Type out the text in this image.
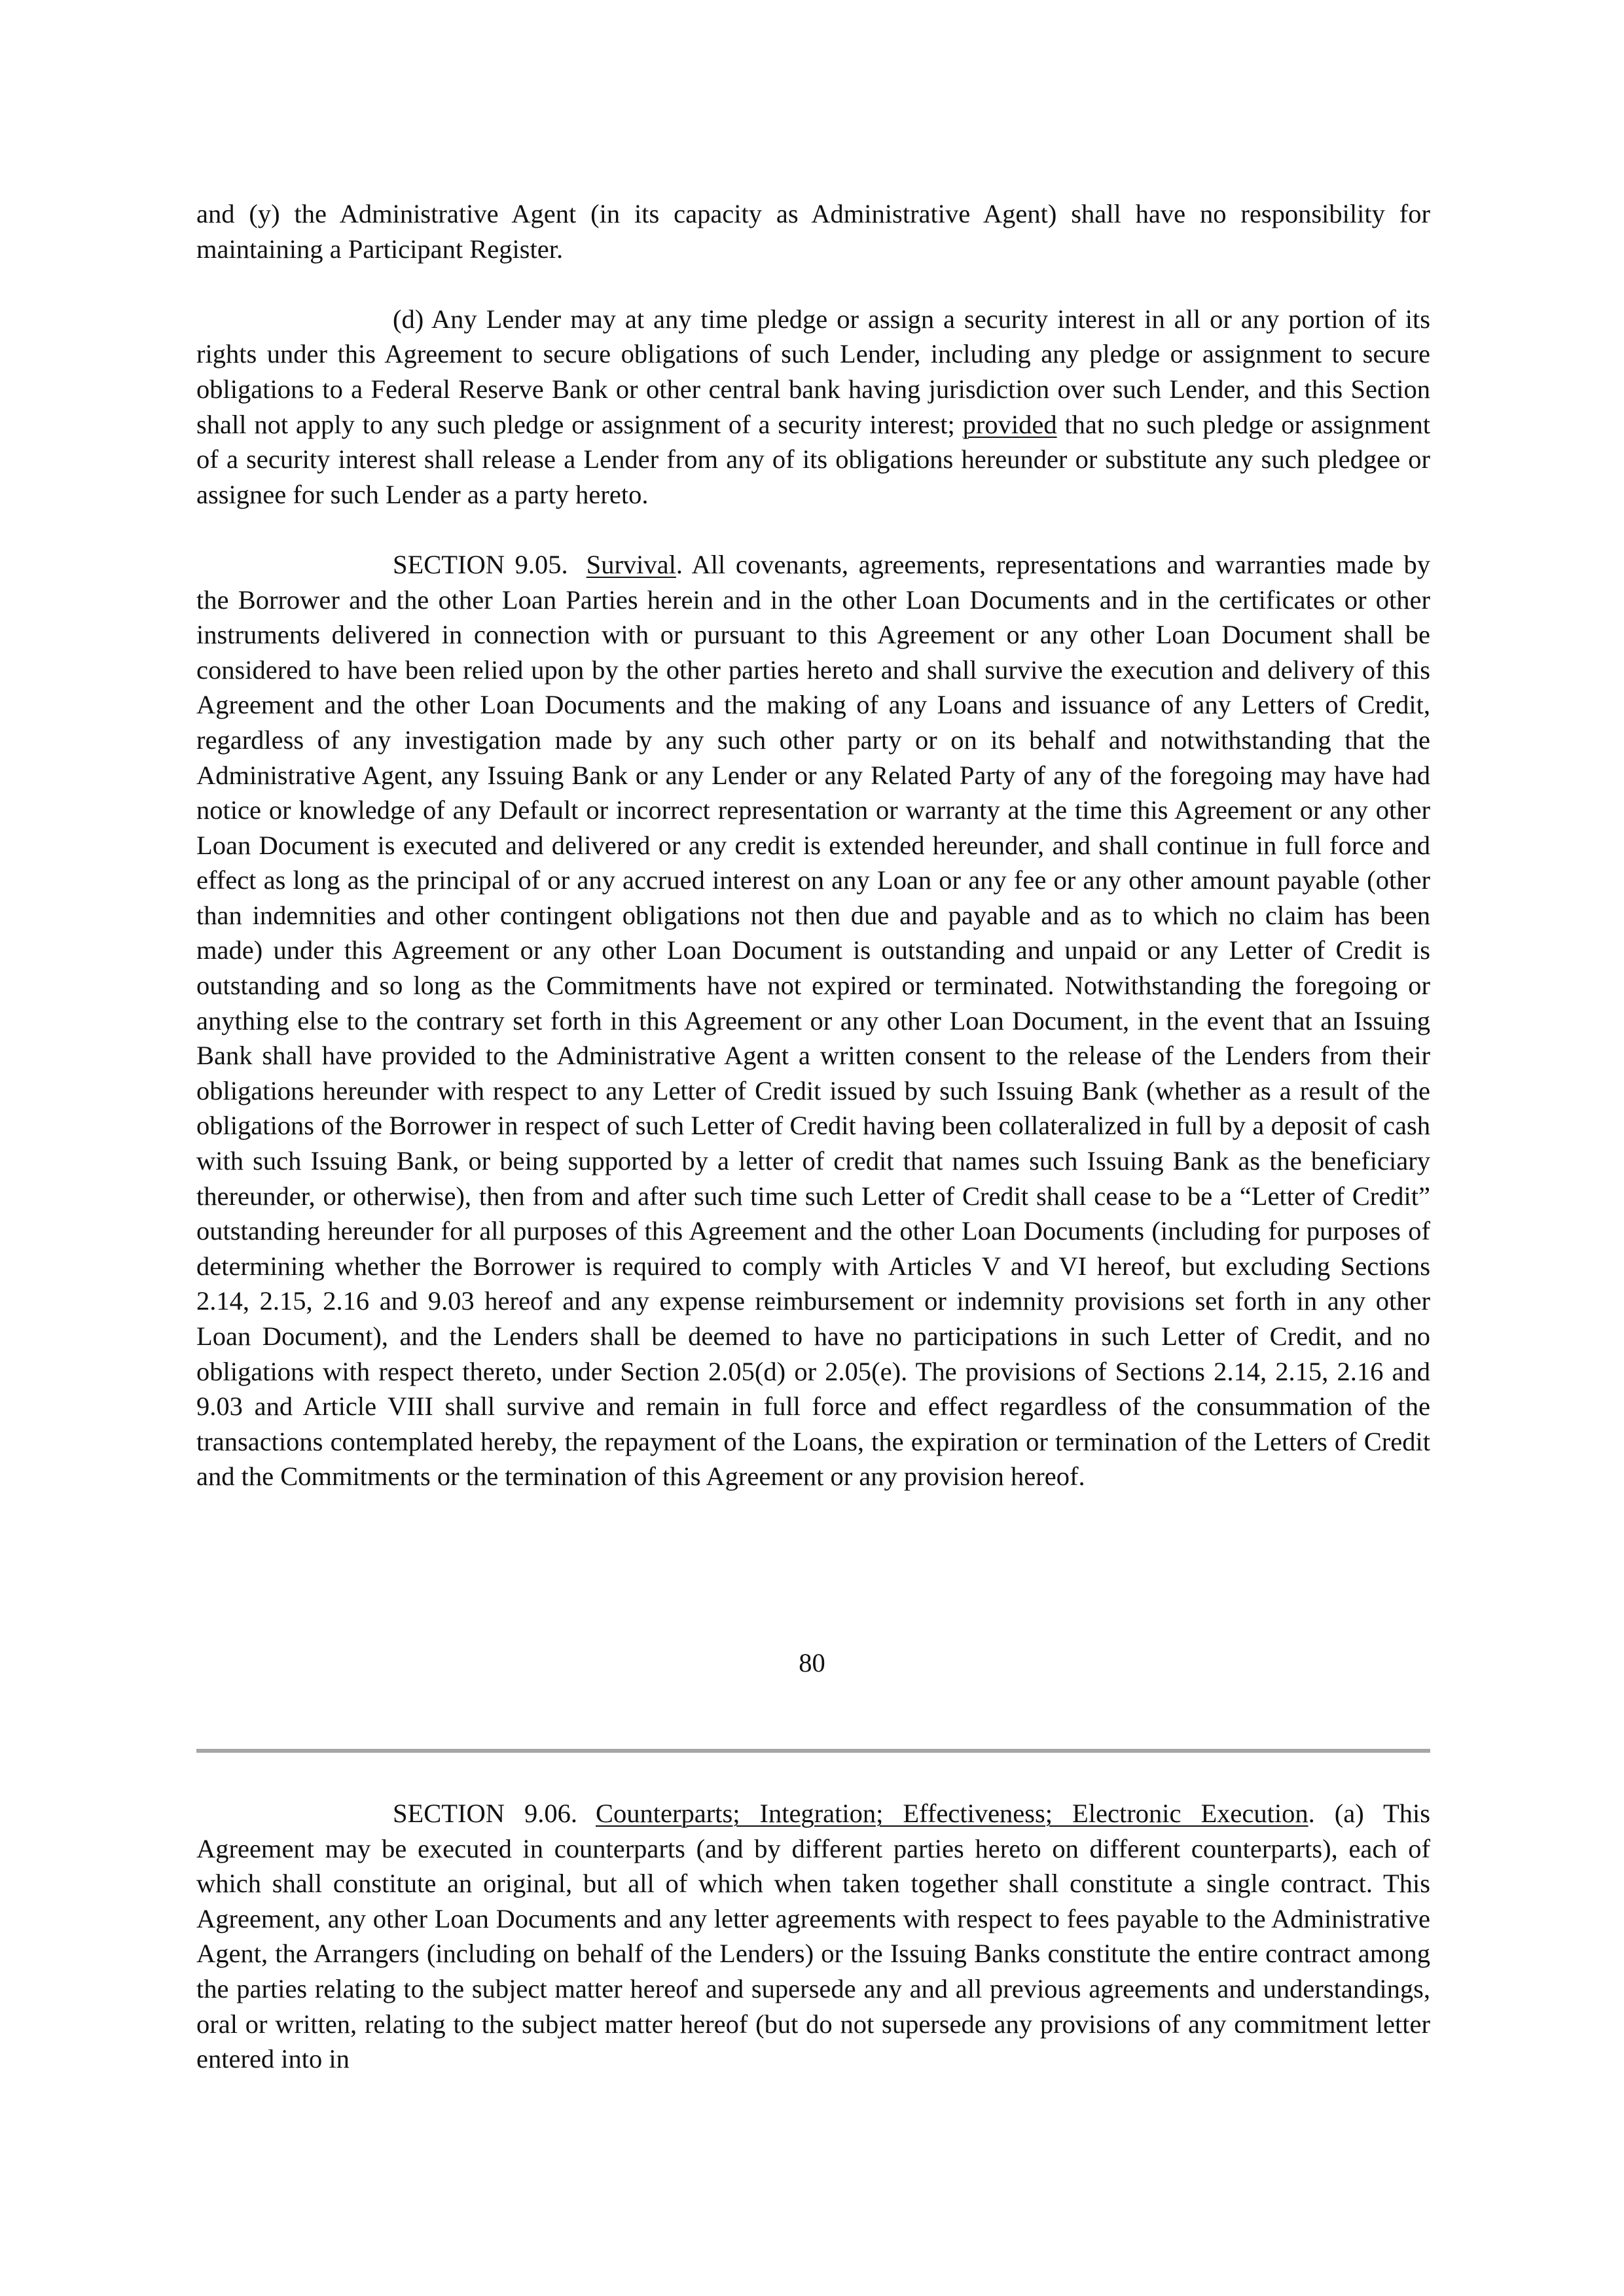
and (y) the Administrative Agent (in its capacity as Administrative Agent) shall have no responsibility for maintaining a Participant Register.

(d) Any Lender may at any time pledge or assign a security interest in all or any portion of its rights under this Agreement to secure obligations of such Lender, including any pledge or assignment to secure obligations to a Federal Reserve Bank or other central bank having jurisdiction over such Lender, and this Section shall not apply to any such pledge or assignment of a security interest; provided that no such pledge or assignment of a security interest shall release a Lender from any of its obligations hereunder or substitute any such pledgee or assignee for such Lender as a party hereto.

SECTION 9.05. Survival. All covenants, agreements, representations and warranties made by the Borrower and the other Loan Parties herein and in the other Loan Documents and in the certificates or other instruments delivered in connection with or pursuant to this Agreement or any other Loan Document shall be considered to have been relied upon by the other parties hereto and shall survive the execution and delivery of this Agreement and the other Loan Documents and the making of any Loans and issuance of any Letters of Credit, regardless of any investigation made by any such other party or on its behalf and notwithstanding that the Administrative Agent, any Issuing Bank or any Lender or any Related Party of any of the foregoing may have had notice or knowledge of any Default or incorrect representation or warranty at the time this Agreement or any other Loan Document is executed and delivered or any credit is extended hereunder, and shall continue in full force and effect as long as the principal of or any accrued interest on any Loan or any fee or any other amount payable (other than indemnities and other contingent obligations not then due and payable and as to which no claim has been made) under this Agreement or any other Loan Document is outstanding and unpaid or any Letter of Credit is outstanding and so long as the Commitments have not expired or terminated. Notwithstanding the foregoing or anything else to the contrary set forth in this Agreement or any other Loan Document, in the event that an Issuing Bank shall have provided to the Administrative Agent a written consent to the release of the Lenders from their obligations hereunder with respect to any Letter of Credit issued by such Issuing Bank (whether as a result of the obligations of the Borrower in respect of such Letter of Credit having been collateralized in full by a deposit of cash with such Issuing Bank, or being supported by a letter of credit that names such Issuing Bank as the beneficiary thereunder, or otherwise), then from and after such time such Letter of Credit shall cease to be a “Letter of Credit” outstanding hereunder for all purposes of this Agreement and the other Loan Documents (including for purposes of determining whether the Borrower is required to comply with Articles V and VI hereof, but excluding Sections 2.14, 2.15, 2.16 and 9.03 hereof and any expense reimbursement or indemnity provisions set forth in any other Loan Document), and the Lenders shall be deemed to have no participations in such Letter of Credit, and no obligations with respect thereto, under Section 2.05(d) or 2.05(e). The provisions of Sections 2.14, 2.15, 2.16 and 9.03 and Article VIII shall survive and remain in full force and effect regardless of the consummation of the transactions contemplated hereby, the repayment of the Loans, the expiration or termination of the Letters of Credit and the Commitments or the termination of this Agreement or any provision hereof.

80

SECTION 9.06. Counterparts; Integration; Effectiveness; Electronic Execution. (a) This Agreement may be executed in counterparts (and by different parties hereto on different counterparts), each of which shall constitute an original, but all of which when taken together shall constitute a single contract. This Agreement, any other Loan Documents and any letter agreements with respect to fees payable to the Administrative Agent, the Arrangers (including on behalf of the Lenders) or the Issuing Banks constitute the entire contract among the parties relating to the subject matter hereof and supersede any and all previous agreements and understandings, oral or written, relating to the subject matter hereof (but do not supersede any provisions of any commitment letter entered into in
